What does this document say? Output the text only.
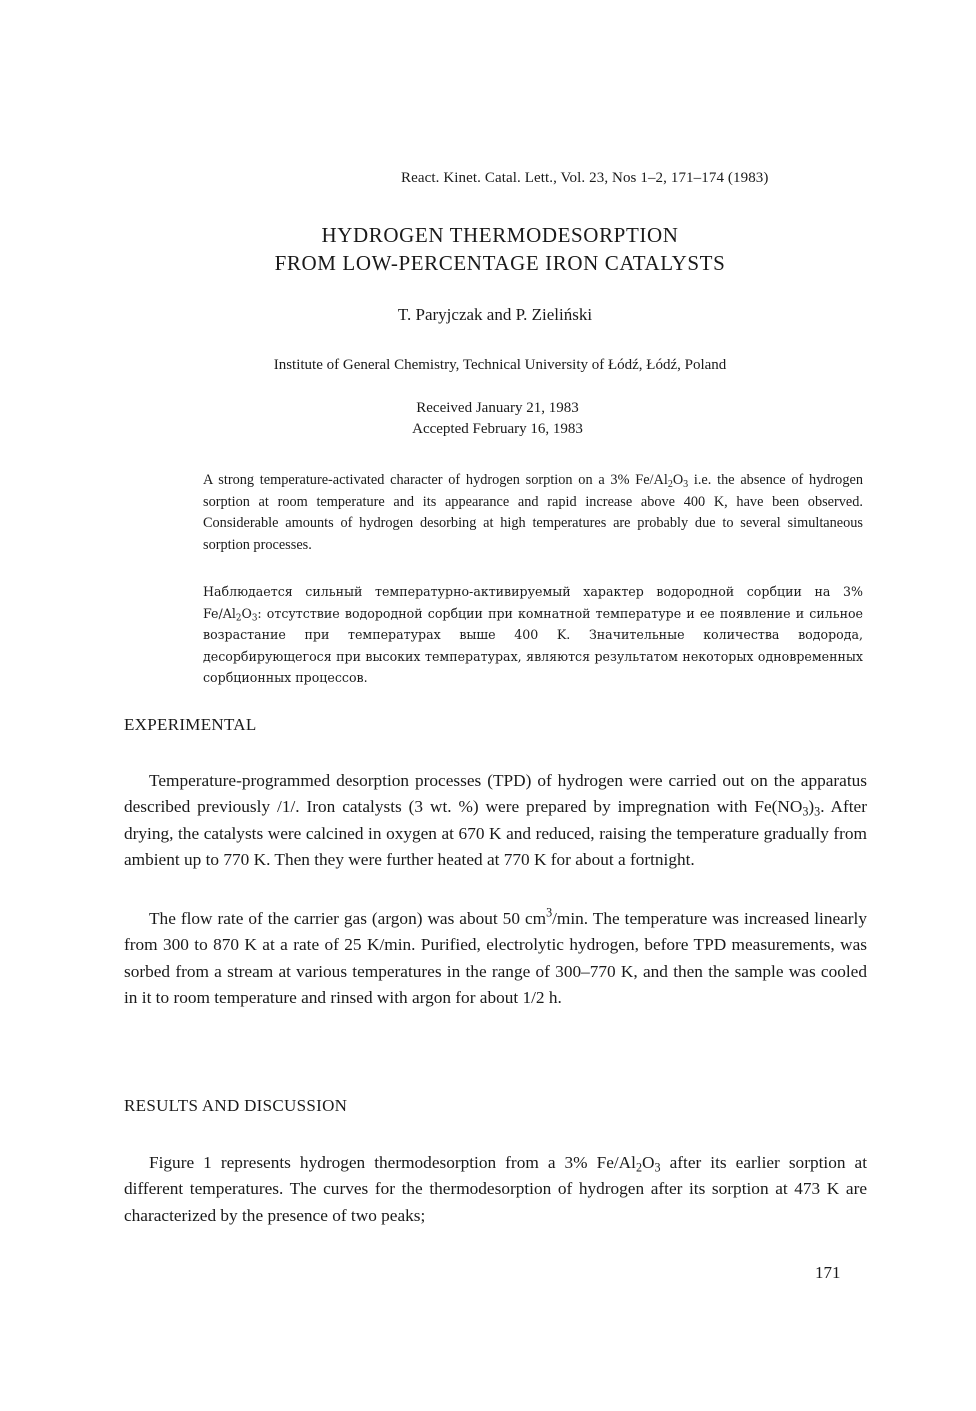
React. Kinet. Catal. Lett., Vol. 23, Nos 1–2, 171–174 (1983)
HYDROGEN THERMODESORPTION
FROM LOW-PERCENTAGE IRON CATALYSTS
T. Paryjczak and P. Zieliński
Institute of General Chemistry, Technical University of Łódź, Łódź, Poland
Received January 21, 1983
Accepted February 16, 1983
A strong temperature-activated character of hydrogen sorption on a 3% $Fe/Al_2O_3$ i.e. the absence of hydrogen sorption at room temperature and its appearance and rapid increase above 400 K, have been observed. Considerable amounts of hydrogen desorbing at high temperatures are probably due to several simultaneous sorption processes.
Наблюдается сильный температурно-активируемый характер водородной сорбции на 3% $Fe/Al_2O_3$: отсутствие водородной сорбции при комнатной температуре и ее появление и сильное возрастание при температурах выше 400 K. Значительные количества водорода, десорбирующегося при высоких температурах, являются результатом некоторых одновременных сорбционных процессов.
EXPERIMENTAL
Temperature-programmed desorption processes (TPD) of hydrogen were carried out on the apparatus described previously /1/. Iron catalysts (3 wt. %) were prepared by impregnation with $Fe(NO_3)_3$. After drying, the catalysts were calcined in oxygen at 670 K and reduced, raising the temperature gradually from ambient up to 770 K. Then they were further heated at 770 K for about a fortnight.
The flow rate of the carrier gas (argon) was about 50 $cm^3/\min$. The temperature was increased linearly from 300 to 870 K at a rate of 25 K/min. Purified, electrolytic hydrogen, before TPD measurements, was sorbed from a stream at various temperatures in the range of 300–770 K, and then the sample was cooled in it to room temperature and rinsed with argon for about 1/2 h.
RESULTS AND DISCUSSION
Figure 1 represents hydrogen thermodesorption from a 3% $Fe/Al_2O_3$ after its earlier sorption at different temperatures. The curves for the thermodesorption of hydrogen after its sorption at 473 K are characterized by the presence of two peaks;
171
